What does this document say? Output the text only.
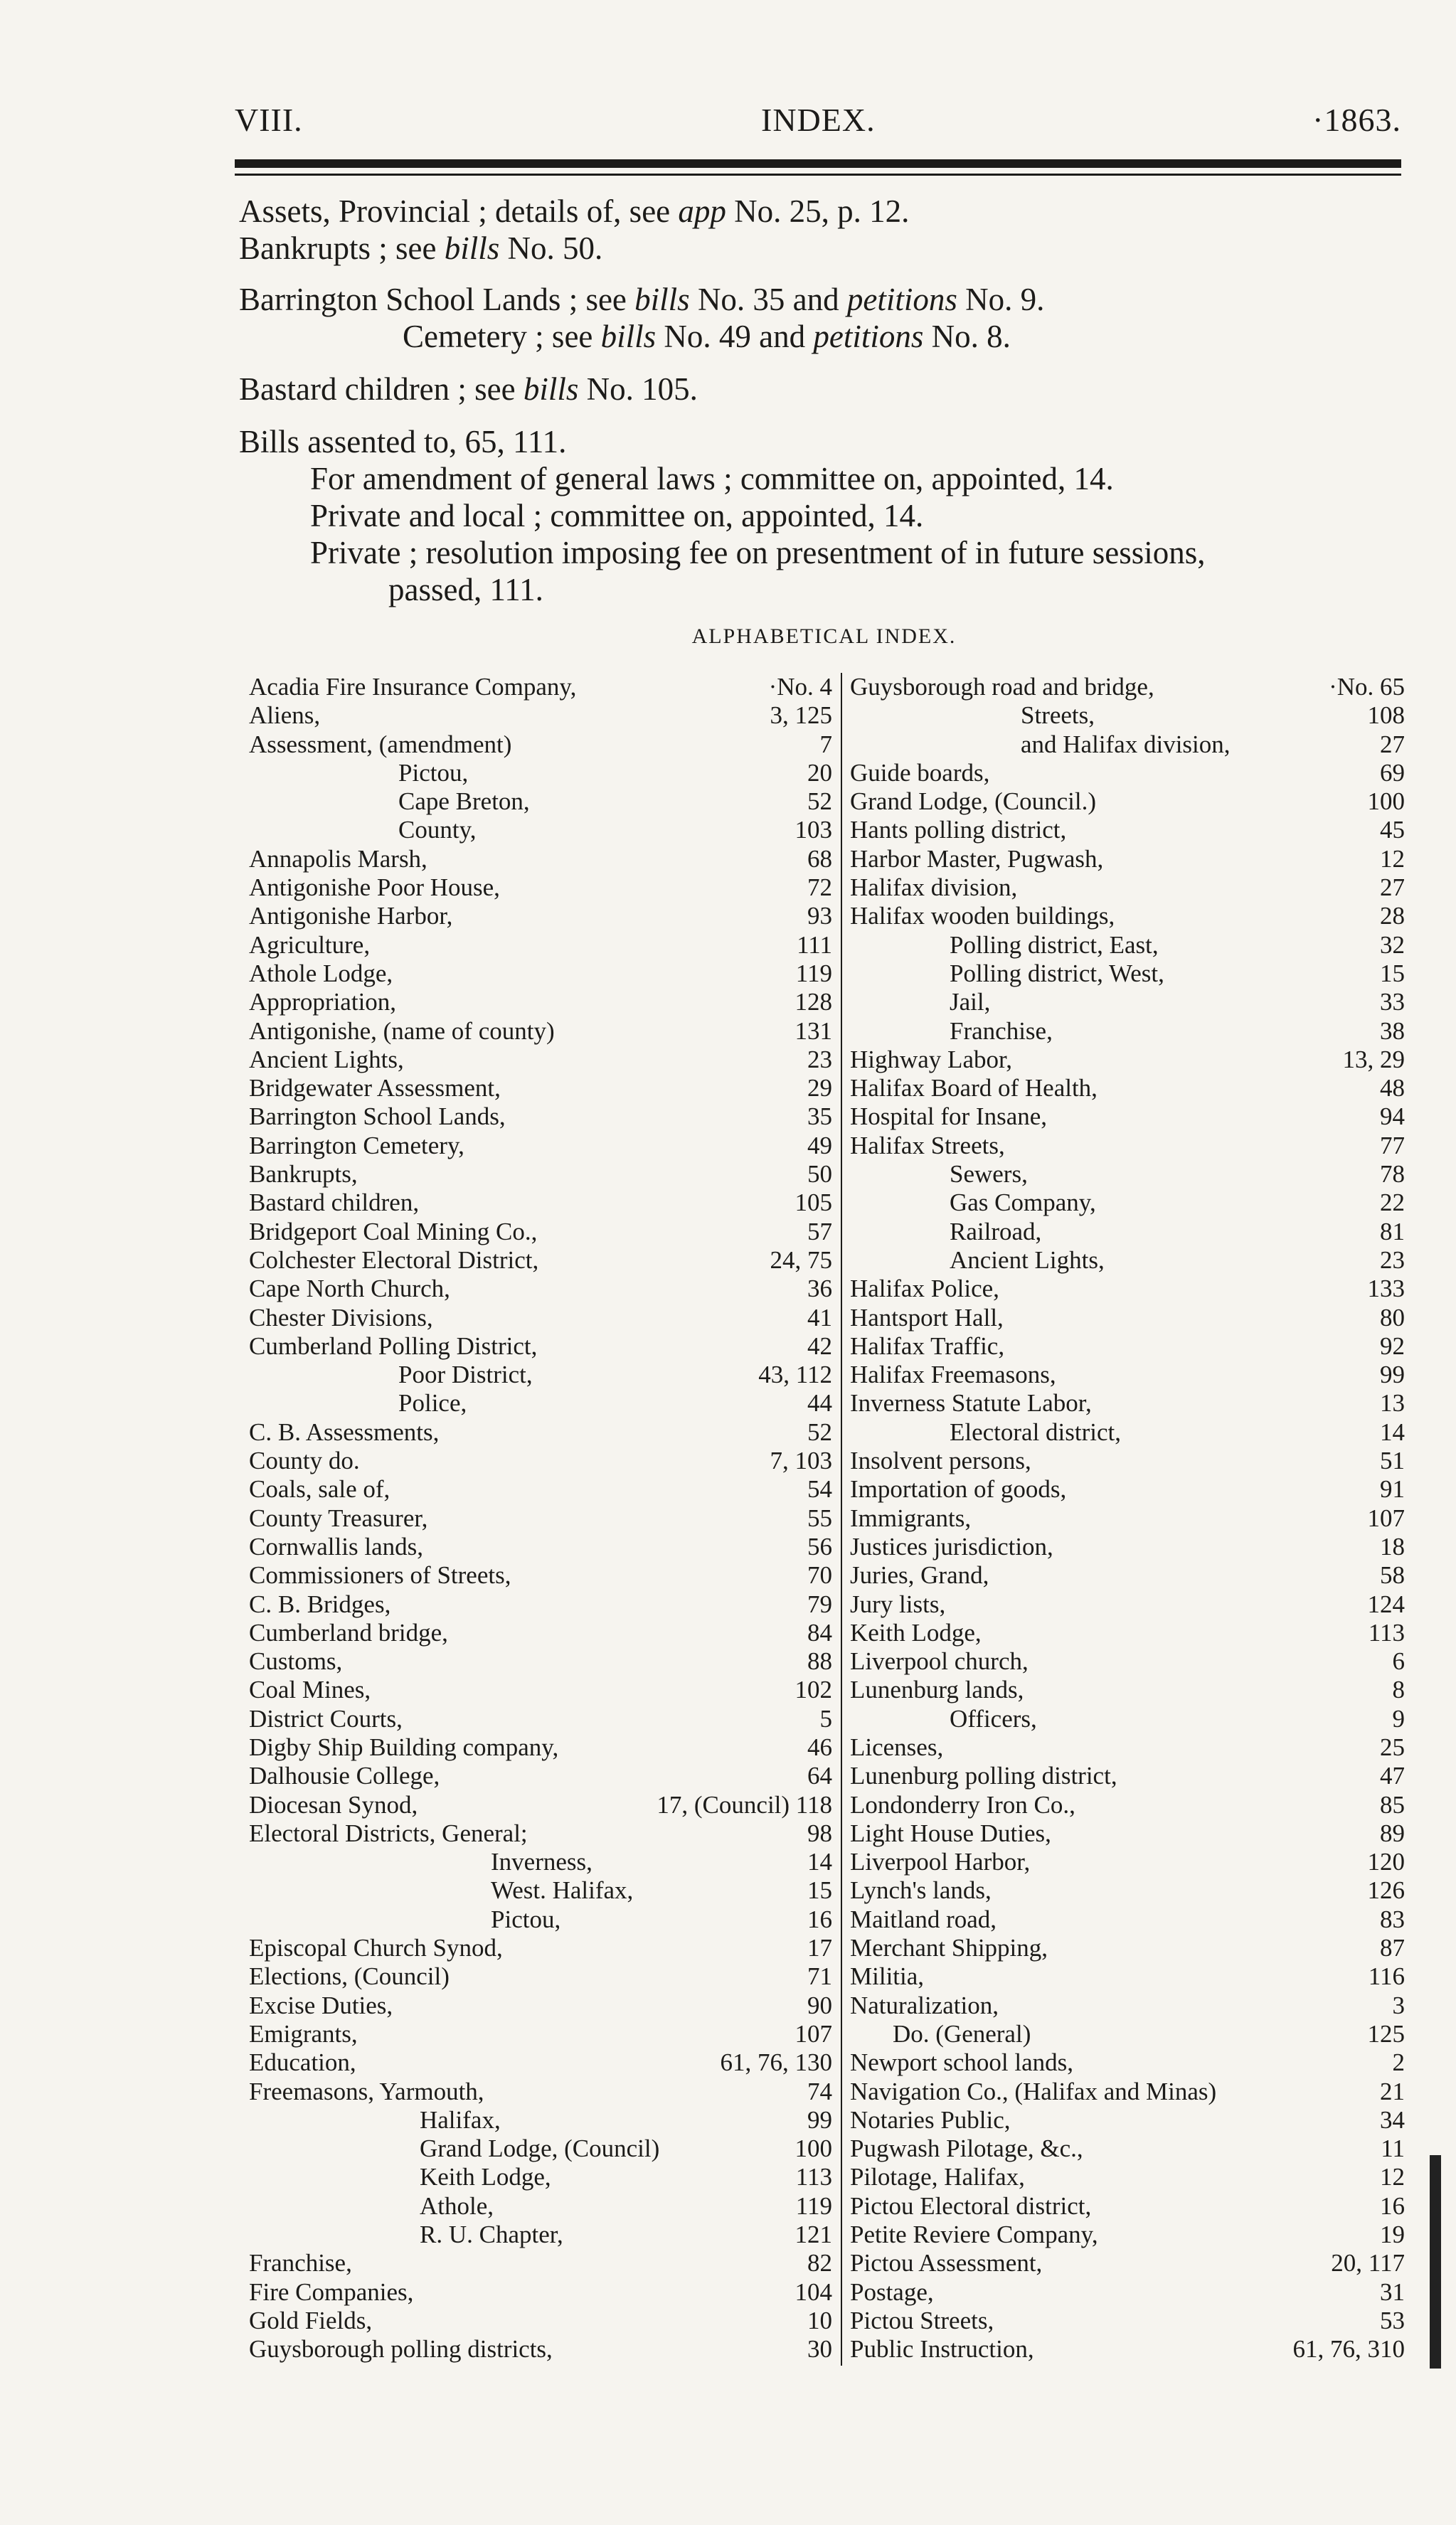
VIII.	INDEX.	·1863.
Assets, Provincial ; details of, see app No. 25, p. 12.
Bankrupts ; see bills No. 50.
Barrington School Lands ; see bills No. 35 and petitions No. 9.
Cemetery ; see bills No. 49 and petitions No. 8.
Bastard children ; see bills No. 105.
Bills assented to, 65, 111.
For amendment of general laws ; committee on, appointed, 14.
Private and local ; committee on, appointed, 14.
Private ; resolution imposing fee on presentment of in future sessions,
passed, 111.
ALPHABETICAL INDEX.
Acadia Fire Insurance Company,	·No. 4
Aliens,	3, 125
Assessment, (amendment)	7
Pictou,	20
Cape Breton,	52
County,	103
Annapolis Marsh,	68
Antigonishe Poor House,	72
Antigonishe Harbor,	93
Agriculture,	111
Athole Lodge,	119
Appropriation,	128
Antigonishe, (name of county)	131
Ancient Lights,	23
Bridgewater Assessment,	29
Barrington School Lands,	35
Barrington Cemetery,	49
Bankrupts,	50
Bastard children,	105
Bridgeport Coal Mining Co.,	57
Colchester Electoral District,	24, 75
Cape North Church,	36
Chester Divisions,	41
Cumberland Polling District,	42
Poor District,	43, 112
Police,	44
C. B. Assessments,	52
County do.	7, 103
Coals, sale of,	54
County Treasurer,	55
Cornwallis lands,	56
Commissioners of Streets,	70
C. B. Bridges,	79
Cumberland bridge,	84
Customs,	88
Coal Mines,	102
District Courts,	5
Digby Ship Building company,	46
Dalhousie College,	64
Diocesan Synod,	17, (Council) 118
Electoral Districts, General;	98
Inverness,	14
West. Halifax,	15
Pictou,	16
Episcopal Church Synod,	17
Elections, (Council)	71
Excise Duties,	90
Emigrants,	107
Education,	61, 76, 130
Freemasons, Yarmouth,	74
Halifax,	99
Grand Lodge, (Council)	100
Keith Lodge,	113
Athole,	119
R. U. Chapter,	121
Franchise,	82
Fire Companies,	104
Gold Fields,	10
Guysborough polling districts,	30
Guysborough road and bridge,	·No. 65
Streets,	108
and Halifax division,	27
Guide boards,	69
Grand Lodge, (Council.)	100
Hants polling district,	45
Harbor Master, Pugwash,	12
Halifax division,	27
Halifax wooden buildings,	28
Polling district, East,	32
Polling district, West,	15
Jail,	33
Franchise,	38
Highway Labor,	13, 29
Halifax Board of Health,	48
Hospital for Insane,	94
Halifax Streets,	77
Sewers,	78
Gas Company,	22
Railroad,	81
Ancient Lights,	23
Halifax Police,	133
Hantsport Hall,	80
Halifax Traffic,	92
Halifax Freemasons,	99
Inverness Statute Labor,	13
Electoral district,	14
Insolvent persons,	51
Importation of goods,	91
Immigrants,	107
Justices jurisdiction,	18
Juries, Grand,	58
Jury lists,	124
Keith Lodge,	113
Liverpool church,	6
Lunenburg lands,	8
Officers,	9
Licenses,	25
Lunenburg polling district,	47
Londonderry Iron Co.,	85
Light House Duties,	89
Liverpool Harbor,	120
Lynch's lands,	126
Maitland road,	83
Merchant Shipping,	87
Militia,	116
Naturalization,	3
Do. (General)	125
Newport school lands,	2
Navigation Co., (Halifax and Minas)	21
Notaries Public,	34
Pugwash Pilotage, &c.,	11
Pilotage, Halifax,	12
Pictou Electoral district,	16
Petite Reviere Company,	19
Pictou Assessment,	20, 117
Postage,	31
Pictou Streets,	53
Public Instruction,	61, 76, 310
